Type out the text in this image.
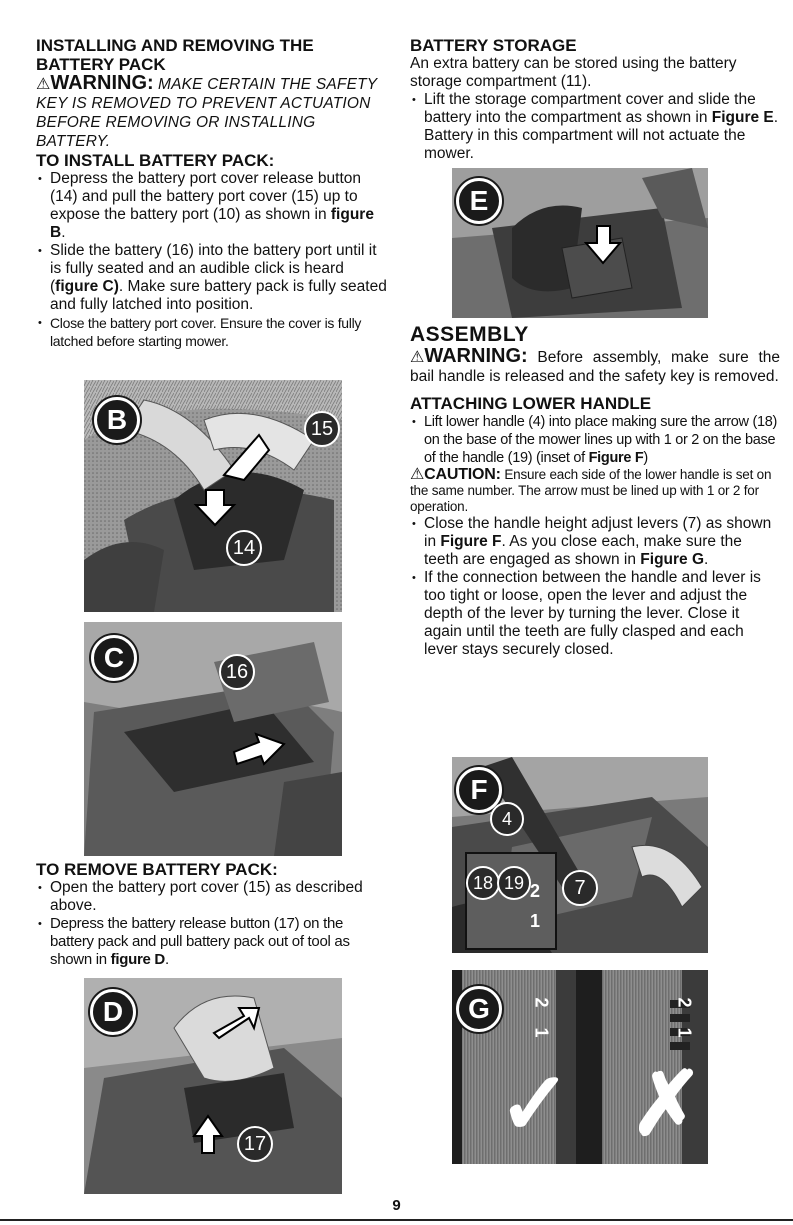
INSTALLING AND REMOVING THE BATTERY PACK

⚠WARNING: MAKE CERTAIN THE SAFETY KEY IS REMOVED TO PREVENT ACTUATION BEFORE REMOVING OR INSTALLING BATTERY.

TO INSTALL BATTERY PACK:

• Depress the battery port cover release button (14) and pull the battery port cover (15) up to expose the battery port (10) as shown in figure B.
• Slide the battery (16) into the battery port until it is fully seated and an audible click is heard (figure C). Make sure battery pack is fully seated and fully latched into position.
• Close the battery port cover. Ensure the cover is fully latched before starting mower.
B	15
14
C	16

TO REMOVE BATTERY PACK:

• Open the battery port cover (15) as described above.
• Depress the battery release button (17) on the battery pack and pull battery pack out of tool as shown in figure D.
D
17

BATTERY STORAGE

An extra battery can be stored using the battery storage compartment (11).

• Lift the storage compartment cover and slide the battery into the compartment as shown in Figure E. Battery in this compartment will not actuate the mower.
E

ASSEMBLY

⚠WARNING: Before assembly, make sure the bail handle is released and the safety key is removed.

ATTACHING LOWER HANDLE

• Lift lower handle (4) into place making sure the arrow (18) on the base of the mower lines up with 1 or 2 on the base of the handle (19) (inset of Figure F)

⚠CAUTION: Ensure each side of the lower handle is set on the same number. The arrow must be lined up with 1 or 2 for operation.

• Close the handle height adjust levers (7) as shown in Figure F. As you close each, make sure the teeth are engaged as shown in Figure G.
• If the connection between the handle and lever is too tight or loose, open the lever and adjust the depth of the lever by turning the lever. Close it again until the teeth are fully clasped and each lever stays securely closed.
2
1
F
4
18 19	7
G	2
1
2
1
✓ ✗
9
